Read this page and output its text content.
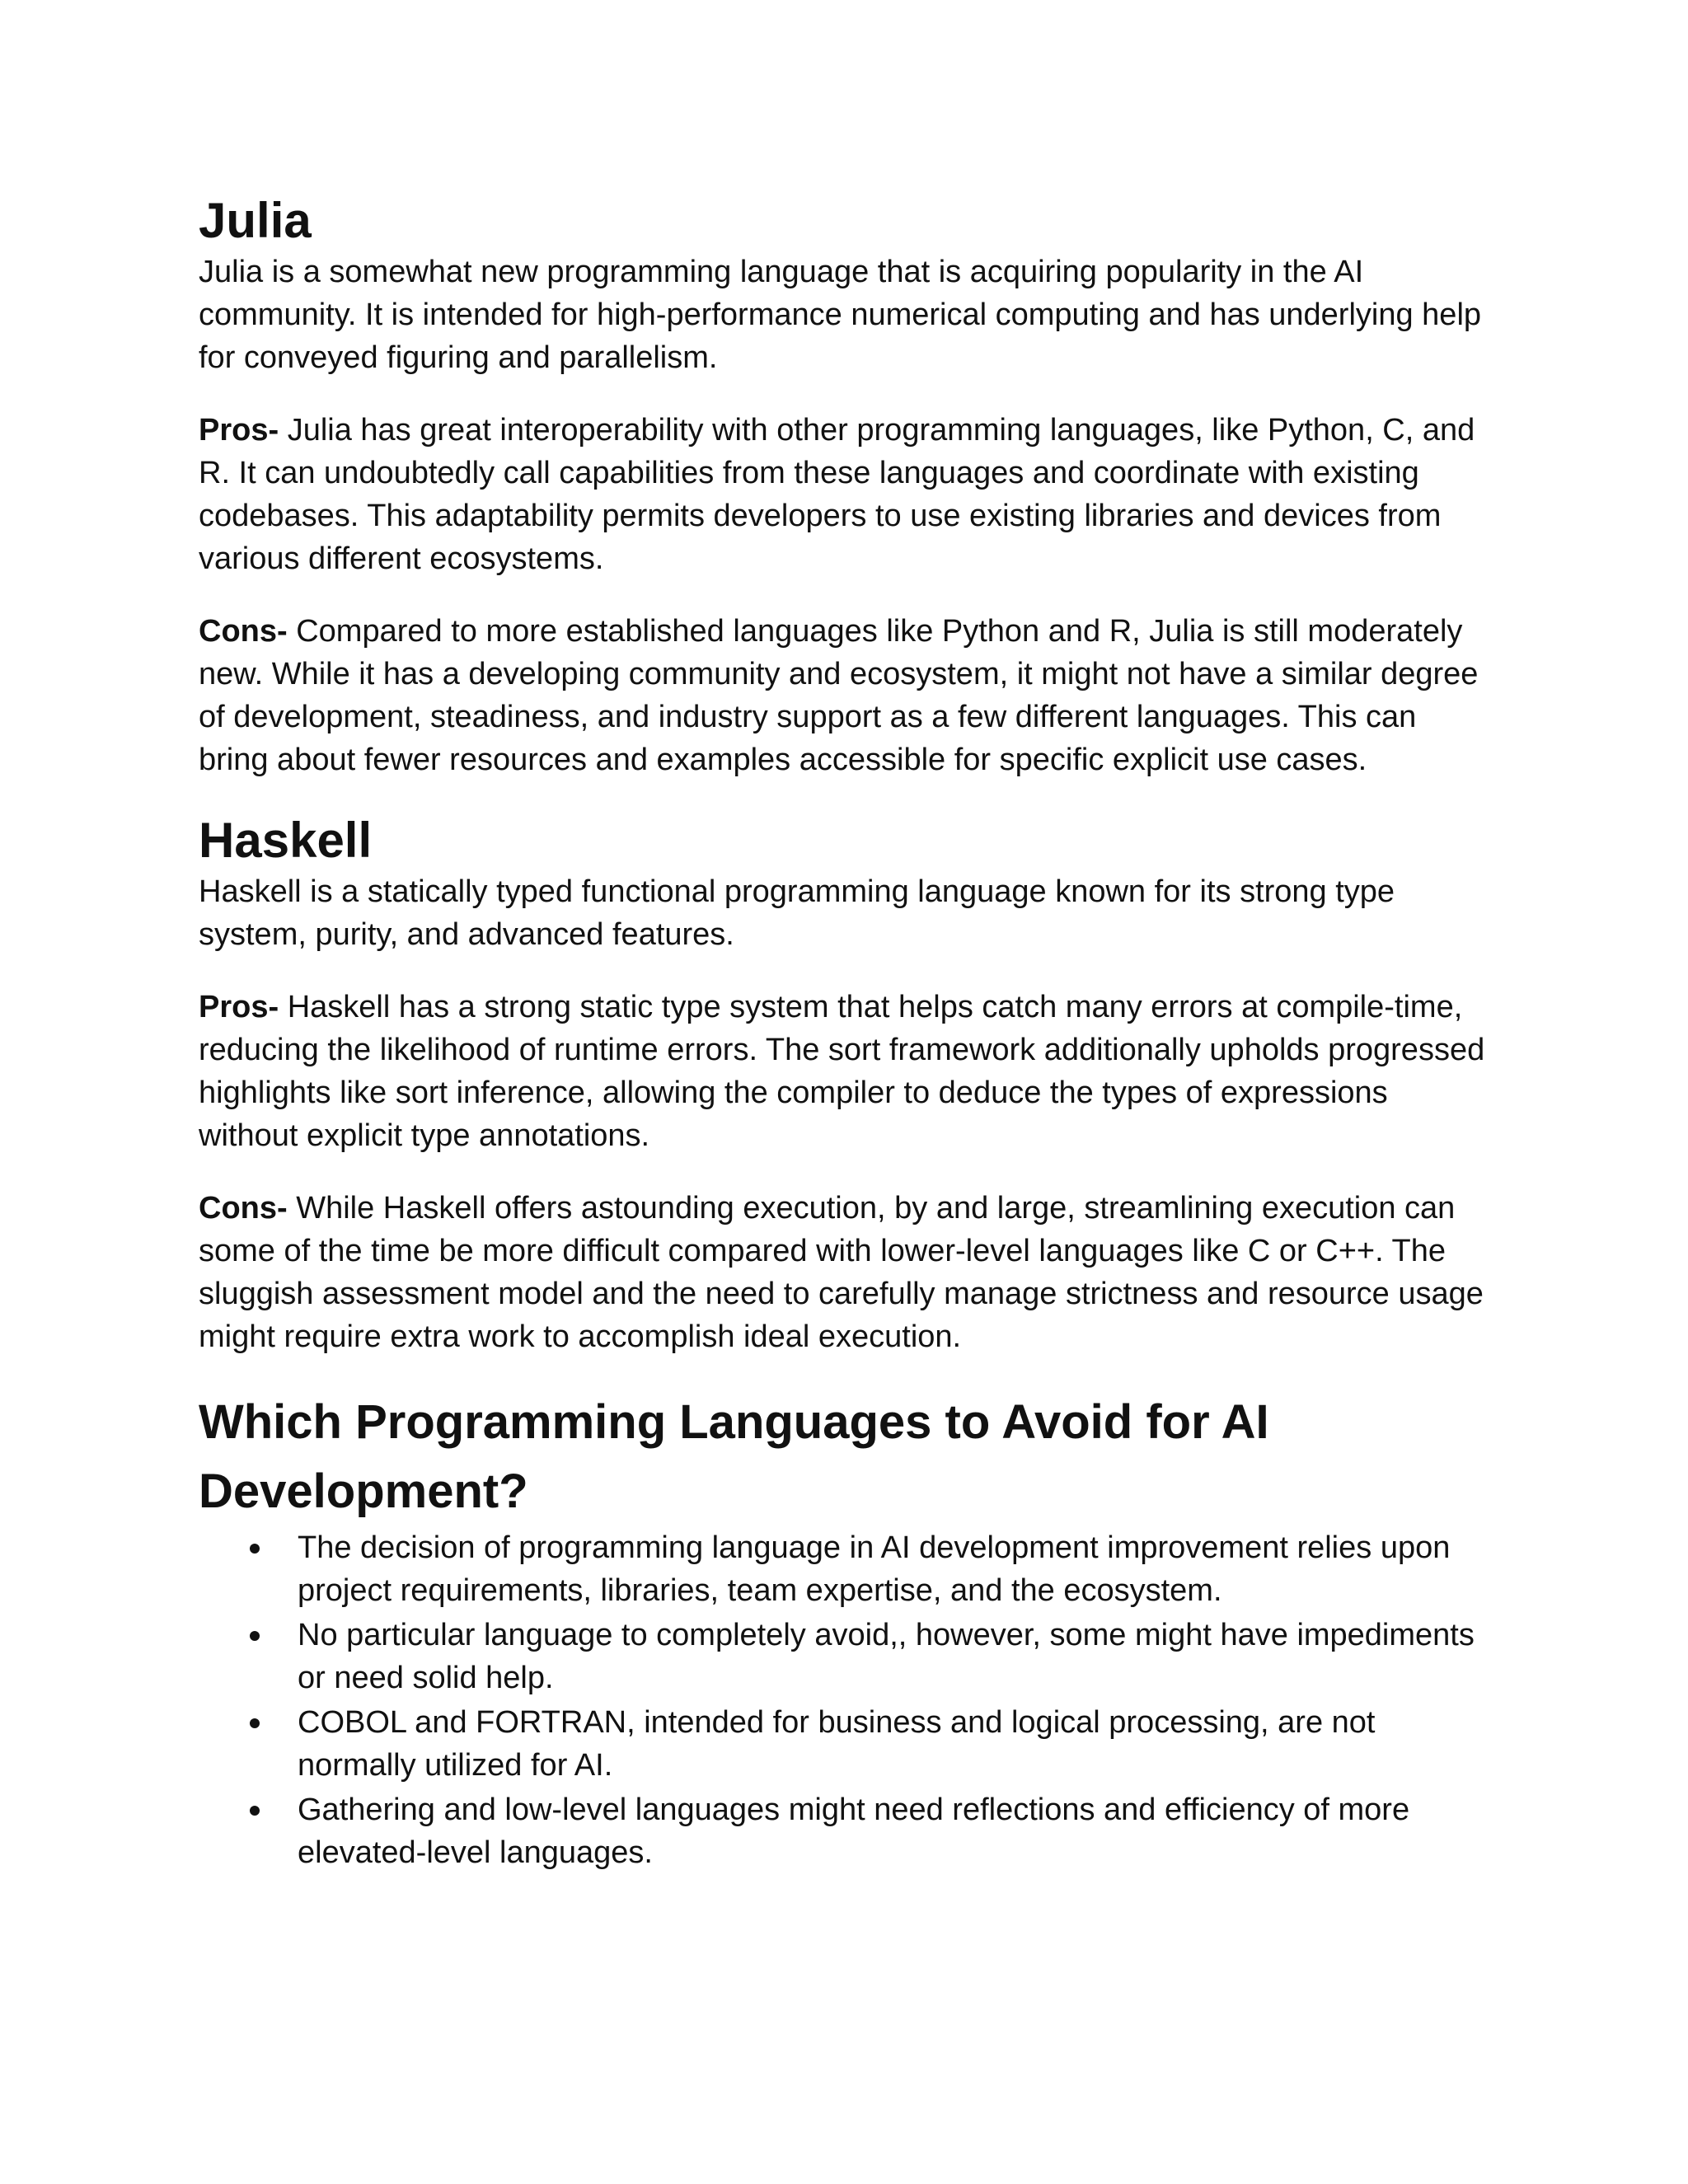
Julia

Julia is a somewhat new programming language that is acquiring popularity in the AI community. It is intended for high-performance numerical computing and has underlying help for conveyed figuring and parallelism.

Pros- Julia has great interoperability with other programming languages, like Python, C, and R. It can undoubtedly call capabilities from these languages and coordinate with existing codebases. This adaptability permits developers to use existing libraries and devices from various different ecosystems.

Cons- Compared to more established languages like Python and R, Julia is still moderately new. While it has a developing community and ecosystem, it might not have a similar degree of development, steadiness, and industry support as a few different languages. This can bring about fewer resources and examples accessible for specific explicit use cases.

Haskell

Haskell is a statically typed functional programming language known for its strong type system, purity, and advanced features.

Pros- Haskell has a strong static type system that helps catch many errors at compile-time, reducing the likelihood of runtime errors. The sort framework additionally upholds progressed highlights like sort inference, allowing the compiler to deduce the types of expressions without explicit type annotations.

Cons- While Haskell offers astounding execution, by and large, streamlining execution can some of the time be more difficult compared with lower-level languages like C or C++. The sluggish assessment model and the need to carefully manage strictness and resource usage might require extra work to accomplish ideal execution.

Which Programming Languages to Avoid for AI Development?
The decision of programming language in AI development improvement relies upon project requirements, libraries, team expertise, and the ecosystem.
No particular language to completely avoid,, however, some might have impediments or need solid help.
COBOL and FORTRAN, intended for business and logical processing, are not normally utilized for AI.
Gathering and low-level languages might need reflections and efficiency of more elevated-level languages.
